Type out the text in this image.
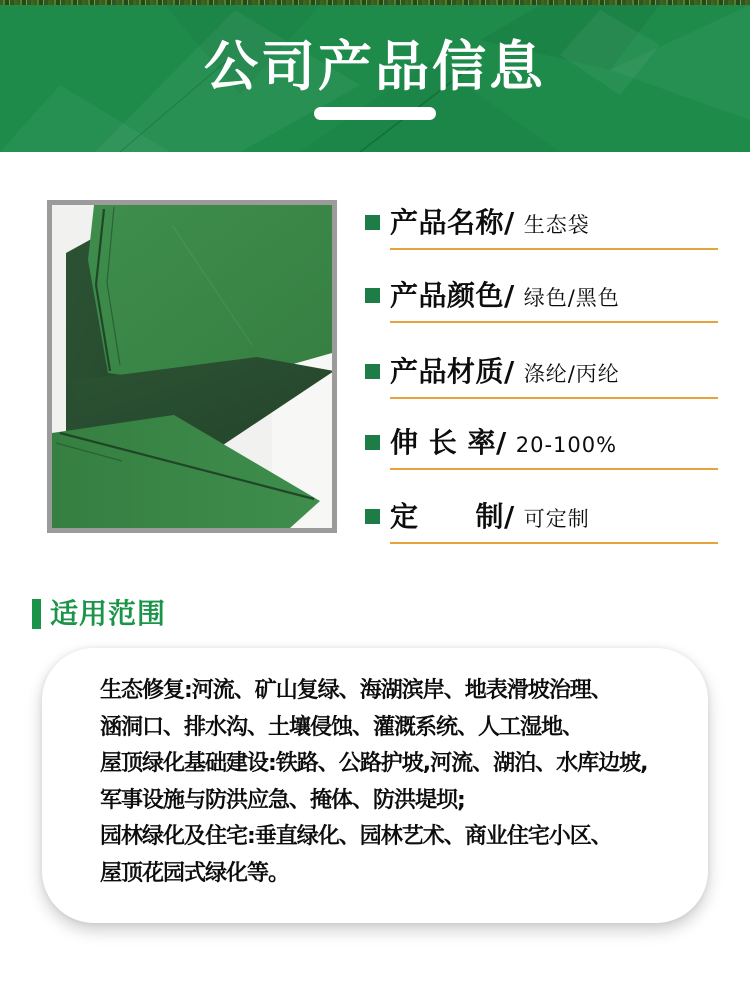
公司产品信息
产品名称/ 生态袋
产品颜色/ 绿色/黑色
产品材质/ 涤纶/丙纶
伸 长 率/ 20-100%
定　　制/ 可定制
适用范围
生态修复:河流、矿山复绿、海湖滨岸、地表滑坡治理、
涵洞口、排水沟、土壤侵蚀、灌溉系统、人工湿地、
屋顶绿化基础建设:铁路、公路护坡,河流、湖泊、水库边坡,
军事设施与防洪应急、掩体、防洪堤坝;
园林绿化及住宅:垂直绿化、园林艺术、商业住宅小区、
屋顶花园式绿化等。
